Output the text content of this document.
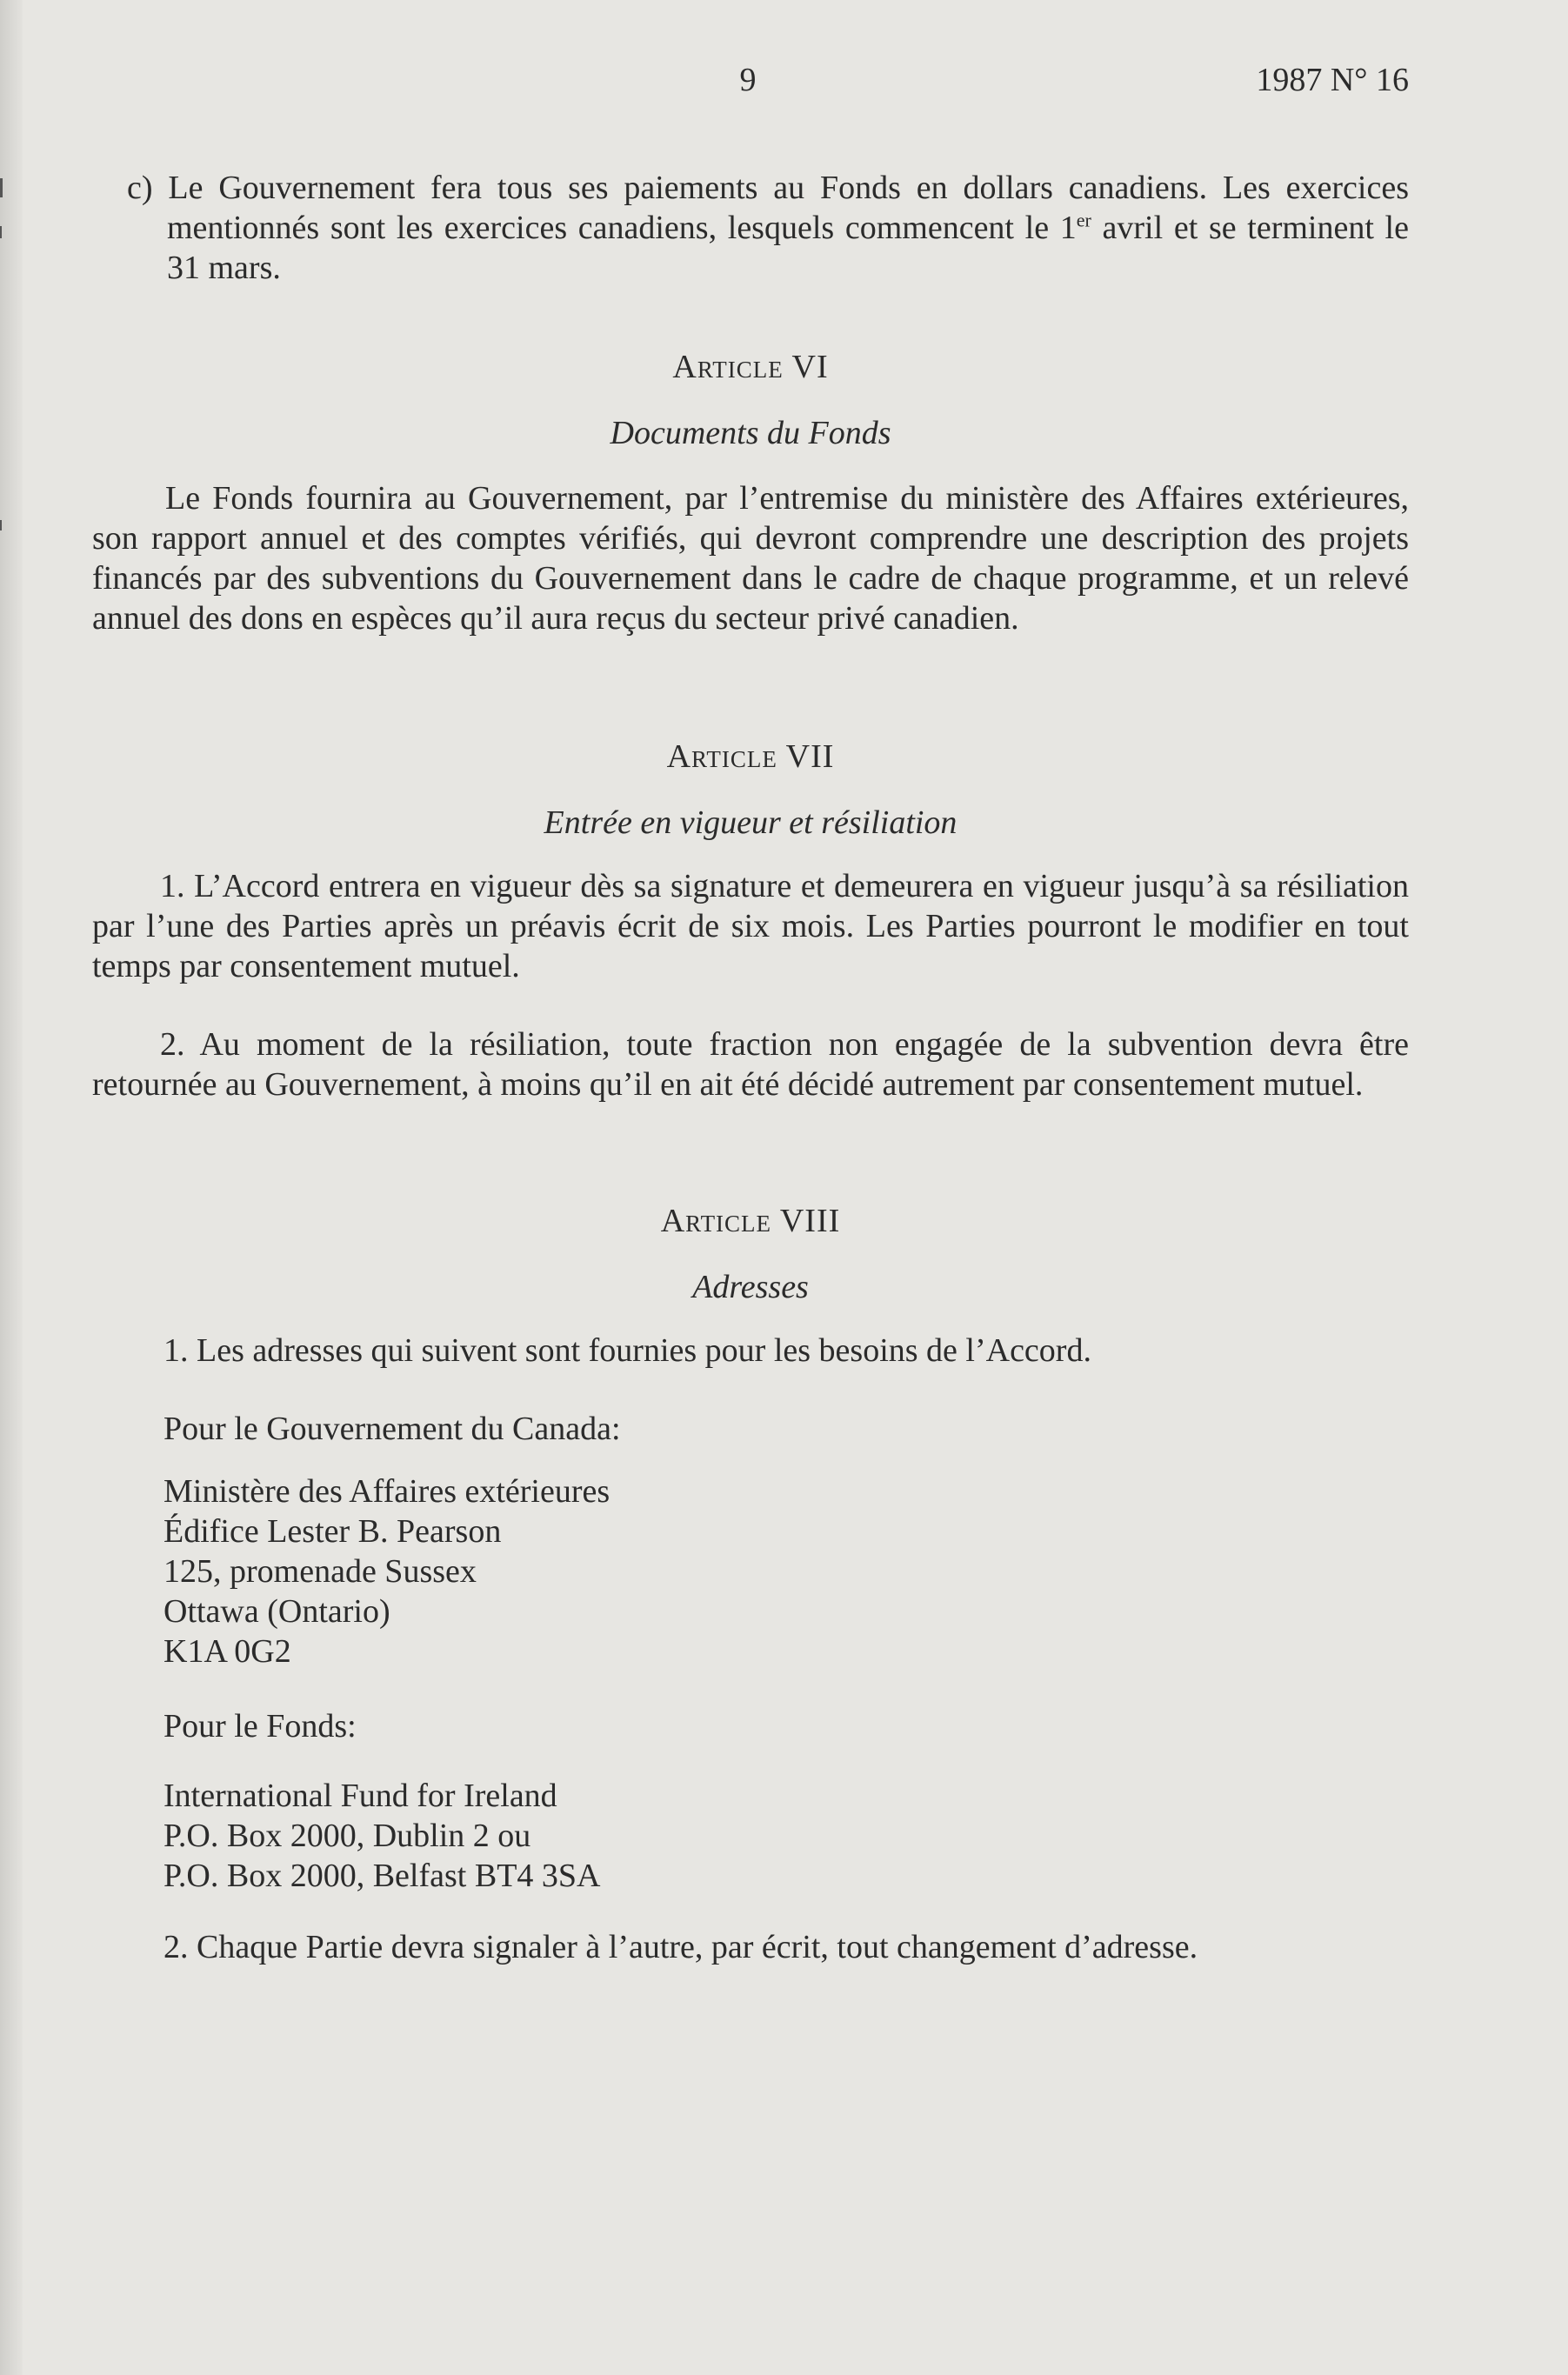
9	1987 N° 16
c) Le Gouvernement fera tous ses paiements au Fonds en dollars canadiens. Les exercices mentionnés sont les exercices canadiens, lesquels commencent le 1er avril et se terminent le 31 mars.
Article VI
Documents du Fonds
Le Fonds fournira au Gouvernement, par l’entremise du ministère des Affaires extérieures, son rapport annuel et des comptes vérifiés, qui devront comprendre une description des projets financés par des subventions du Gouvernement dans le cadre de chaque programme, et un relevé annuel des dons en espèces qu’il aura reçus du secteur privé canadien.
Article VII
Entrée en vigueur et résiliation
1. L’Accord entrera en vigueur dès sa signature et demeurera en vigueur jusqu’à sa résiliation par l’une des Parties après un préavis écrit de six mois. Les Parties pourront le modifier en tout temps par consentement mutuel.
2. Au moment de la résiliation, toute fraction non engagée de la subvention devra être retournée au Gouvernement, à moins qu’il en ait été décidé autrement par consentement mutuel.
Article VIII
Adresses
1. Les adresses qui suivent sont fournies pour les besoins de l’Accord.
Pour le Gouvernement du Canada:
Ministère des Affaires extérieures
Édifice Lester B. Pearson
125, promenade Sussex
Ottawa (Ontario)
K1A 0G2
Pour le Fonds:
International Fund for Ireland
P.O. Box 2000, Dublin 2 ou
P.O. Box 2000, Belfast BT4 3SA
2. Chaque Partie devra signaler à l’autre, par écrit, tout changement d’adresse.
